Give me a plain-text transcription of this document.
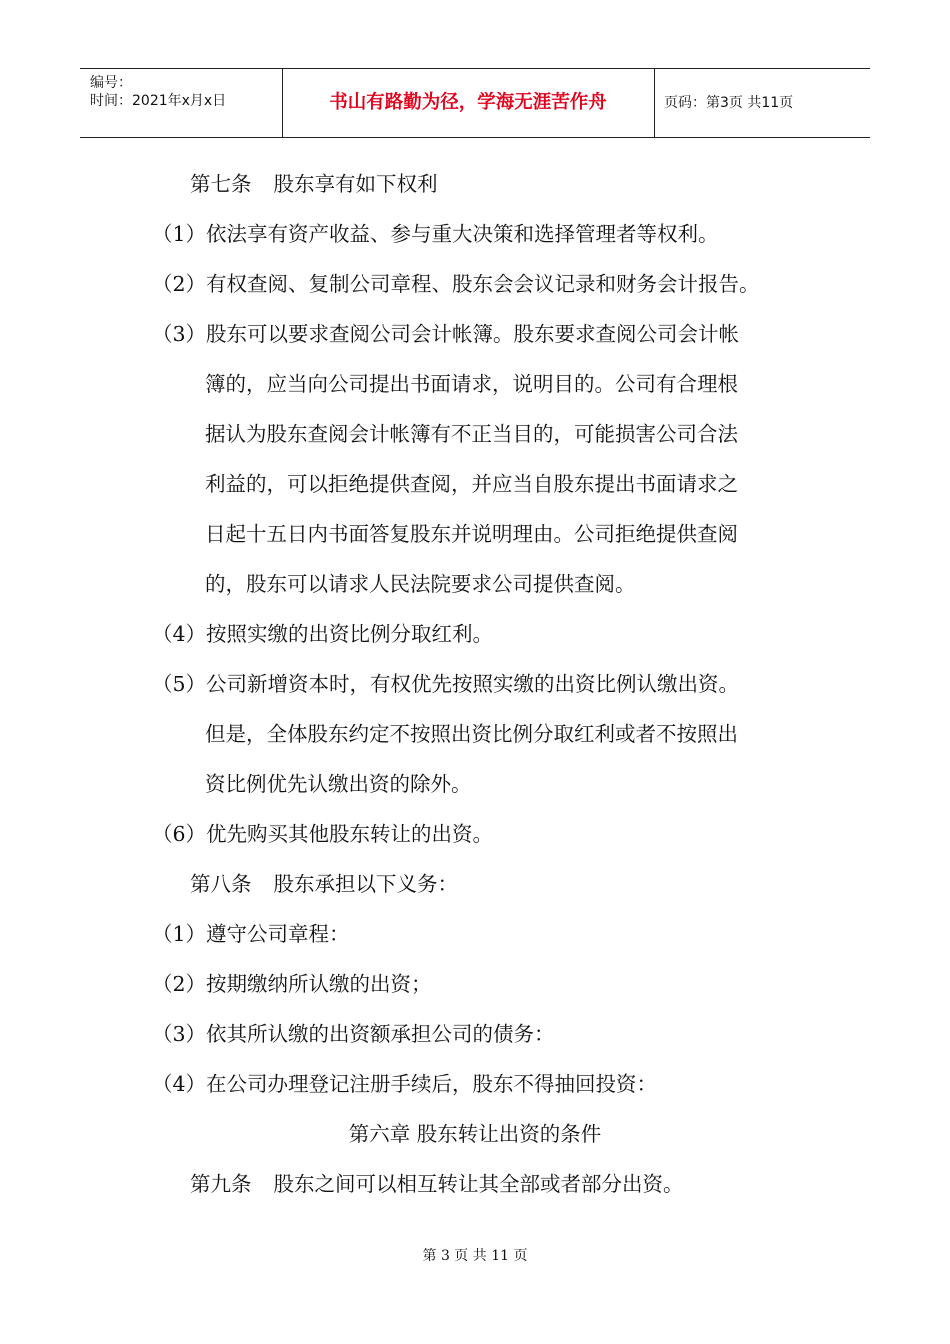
编号：
时间：2021年x月x日	书山有路勤为径，学海无涯苦作舟	页码：第3页 共11页
第七条 股东享有如下权利
（1）依法享有资产收益、参与重大决策和选择管理者等权利。
（2）有权查阅、复制公司章程、股东会会议记录和财务会计报告。
（3）股东可以要求查阅公司会计帐簿。股东要求查阅公司会计帐
簿的，应当向公司提出书面请求，说明目的。公司有合理根
据认为股东查阅会计帐簿有不正当目的，可能损害公司合法
利益的，可以拒绝提供查阅，并应当自股东提出书面请求之
日起十五日内书面答复股东并说明理由。公司拒绝提供查阅
的，股东可以请求人民法院要求公司提供查阅。
（4）按照实缴的出资比例分取红利。
（5）公司新增资本时，有权优先按照实缴的出资比例认缴出资。
但是，全体股东约定不按照出资比例分取红利或者不按照出
资比例优先认缴出资的除外。
（6）优先购买其他股东转让的出资。
第八条 股东承担以下义务：
（1）遵守公司章程：
（2）按期缴纳所认缴的出资；
（3）依其所认缴的出资额承担公司的债务：
（4）在公司办理登记注册手续后，股东不得抽回投资：
第六章 股东转让出资的条件
第九条 股东之间可以相互转让其全部或者部分出资。
第 3 页 共 11 页
